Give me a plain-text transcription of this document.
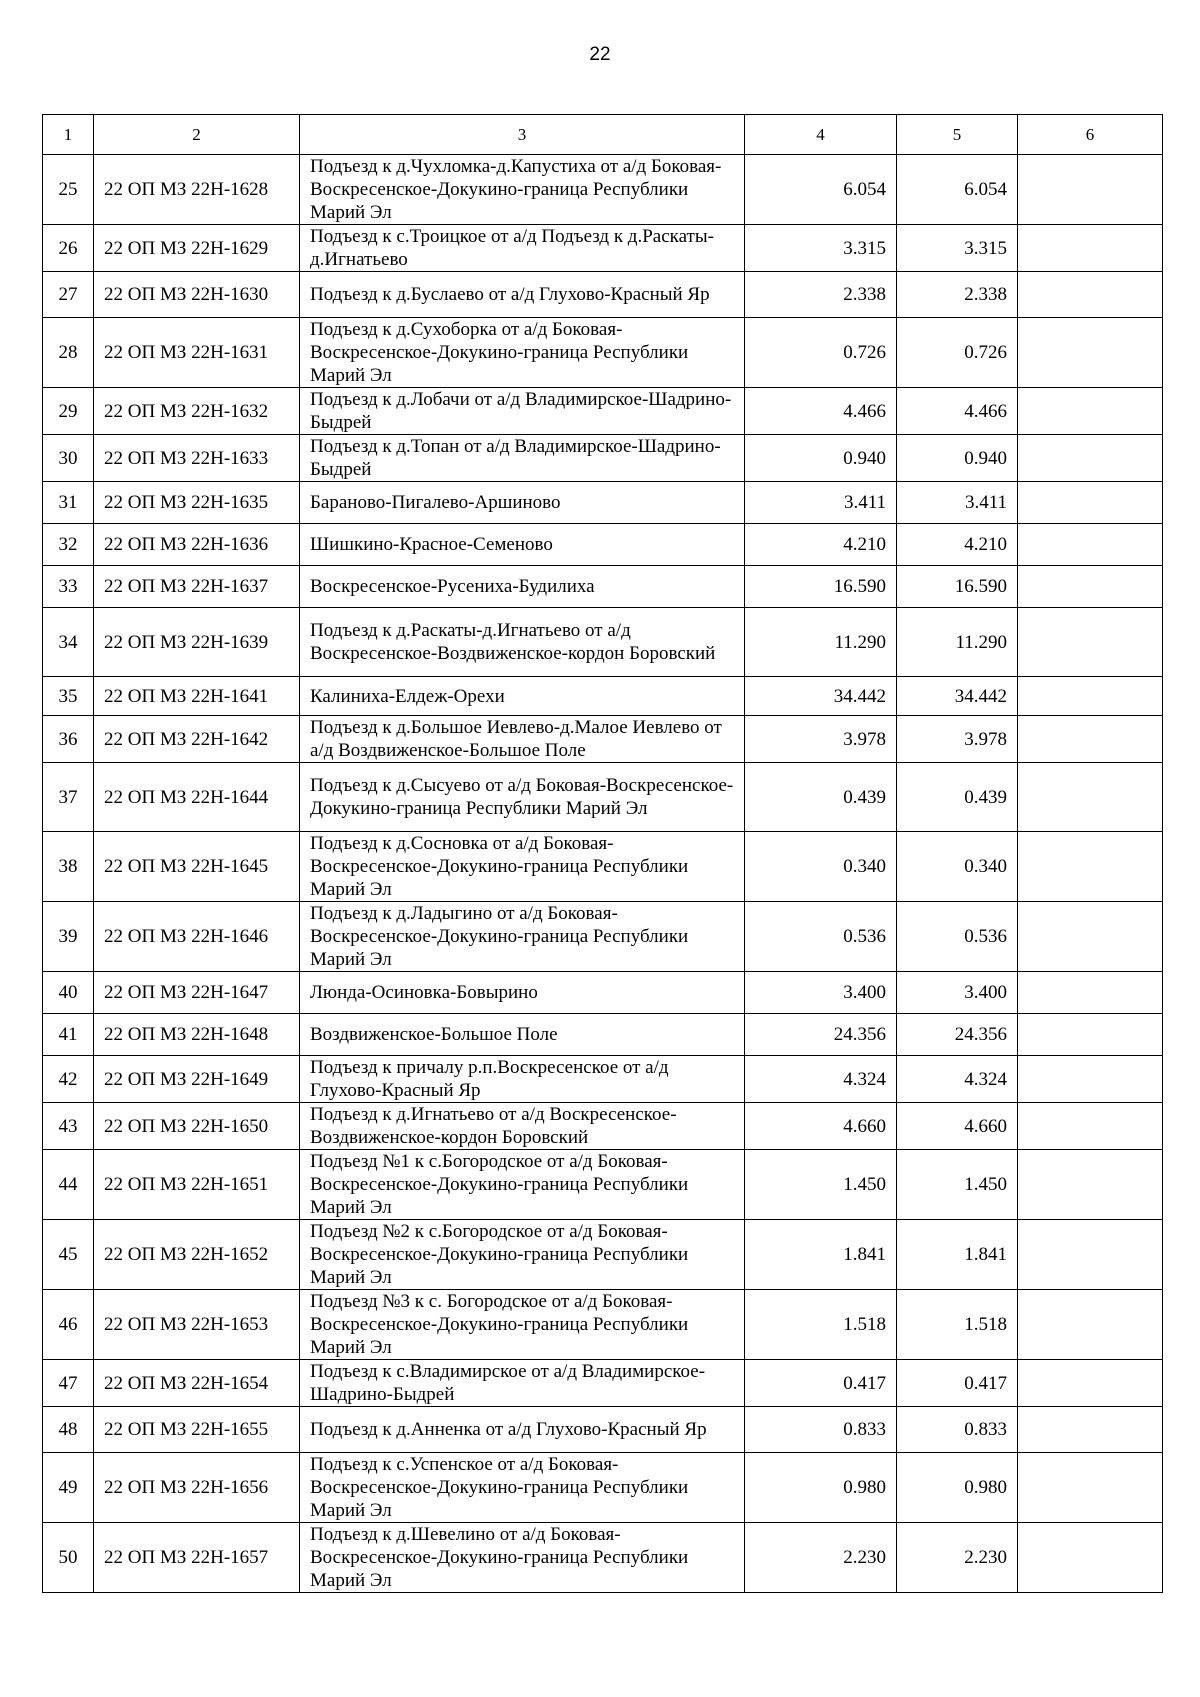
22
1	2	3	4	5	6
25	22 ОП МЗ 22Н-1628	Подъезд к д.Чухломка-д.Капустиха от а/д Боковая-Воскресенское-Докукино-граница Республики Марий Эл	6.054	6.054	
26	22 ОП МЗ 22Н-1629	Подъезд к с.Троицкое от а/д Подъезд к д.Раскаты-д.Игнатьево	3.315	3.315	
27	22 ОП МЗ 22Н-1630	Подъезд к д.Буслаево от а/д Глухово-Красный Яр	2.338	2.338	
28	22 ОП МЗ 22Н-1631	Подъезд к д.Сухоборка от а/д Боковая-Воскресенское-Докукино-граница Республики Марий Эл	0.726	0.726	
29	22 ОП МЗ 22Н-1632	Подъезд к д.Лобачи от а/д Владимирское-Шадрино-Быдрей	4.466	4.466	
30	22 ОП МЗ 22Н-1633	Подъезд к д.Топан от а/д Владимирское-Шадрино-Быдрей	0.940	0.940	
31	22 ОП МЗ 22Н-1635	Бараново-Пигалево-Аршиново	3.411	3.411	
32	22 ОП МЗ 22Н-1636	Шишкино-Красное-Семеново	4.210	4.210	
33	22 ОП МЗ 22Н-1637	Воскресенское-Русениха-Будилиха	16.590	16.590	
34	22 ОП МЗ 22Н-1639	Подъезд к д.Раскаты-д.Игнатьево от а/д Воскресенское-Воздвиженское-кордон Боровский	11.290	11.290	
35	22 ОП МЗ 22Н-1641	Калиниха-Елдеж-Орехи	34.442	34.442	
36	22 ОП МЗ 22Н-1642	Подъезд к д.Большое Иевлево-д.Малое Иевлево от а/д Воздвиженское-Большое Поле	3.978	3.978	
37	22 ОП МЗ 22Н-1644	Подъезд к д.Сысуево от а/д Боковая-Воскресенское-Докукино-граница Республики Марий Эл	0.439	0.439	
38	22 ОП МЗ 22Н-1645	Подъезд к д.Сосновка от а/д Боковая-Воскресенское-Докукино-граница Республики Марий Эл	0.340	0.340	
39	22 ОП МЗ 22Н-1646	Подъезд к д.Ладыгино от а/д Боковая-Воскресенское-Докукино-граница Республики Марий Эл	0.536	0.536	
40	22 ОП МЗ 22Н-1647	Люнда-Осиновка-Бовырино	3.400	3.400	
41	22 ОП МЗ 22Н-1648	Воздвиженское-Большое Поле	24.356	24.356	
42	22 ОП МЗ 22Н-1649	Подъезд к причалу р.п.Воскресенское от а/д Глухово-Красный Яр	4.324	4.324	
43	22 ОП МЗ 22Н-1650	Подъезд к д.Игнатьево от а/д Воскресенское-Воздвиженское-кордон Боровский	4.660	4.660	
44	22 ОП МЗ 22Н-1651	Подъезд №1 к с.Богородское от а/д Боковая-Воскресенское-Докукино-граница Республики Марий Эл	1.450	1.450	
45	22 ОП МЗ 22Н-1652	Подъезд №2 к с.Богородское от а/д Боковая-Воскресенское-Докукино-граница Республики Марий Эл	1.841	1.841	
46	22 ОП МЗ 22Н-1653	Подъезд №3 к с. Богородское от а/д Боковая-Воскресенское-Докукино-граница Республики Марий Эл	1.518	1.518	
47	22 ОП МЗ 22Н-1654	Подъезд к с.Владимирское от а/д Владимирское-Шадрино-Быдрей	0.417	0.417	
48	22 ОП МЗ 22Н-1655	Подъезд к д.Анненка от а/д Глухово-Красный Яр	0.833	0.833	
49	22 ОП МЗ 22Н-1656	Подъезд к с.Успенское от а/д Боковая-Воскресенское-Докукино-граница Республики Марий Эл	0.980	0.980	
50	22 ОП МЗ 22Н-1657	Подъезд к д.Шевелино от а/д Боковая-Воскресенское-Докукино-граница Республики Марий Эл	2.230	2.230	
